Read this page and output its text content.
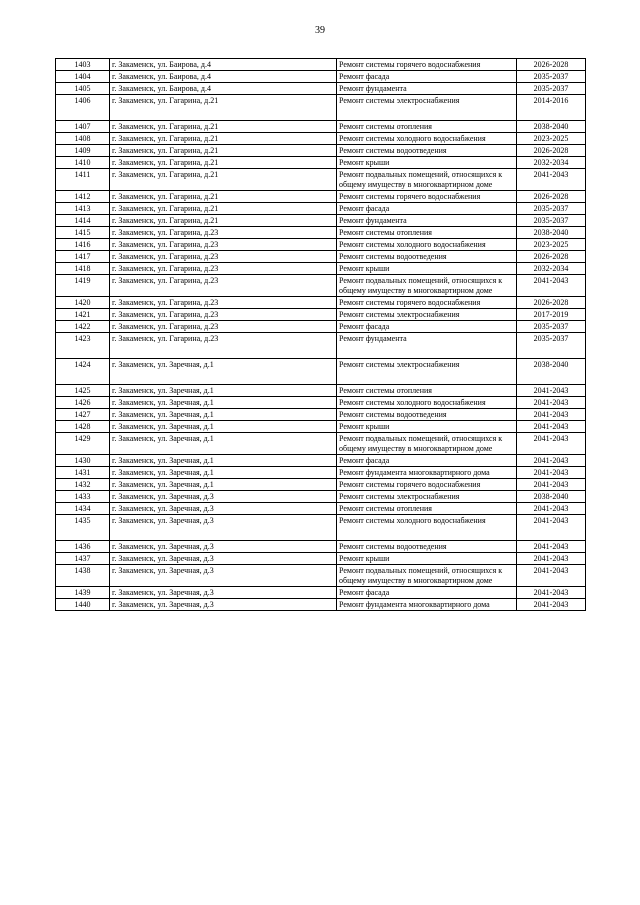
39
1403	г. Закаменск, ул. Баирова, д.4	Ремонт системы горячего водоснабжения	2026-2028
1404	г. Закаменск, ул. Баирова, д.4	Ремонт фасада	2035-2037
1405	г. Закаменск, ул. Баирова, д.4	Ремонт фундамента	2035-2037
1406	г. Закаменск, ул. Гагарина, д.21	Ремонт системы электроснабжения	2014-2016
1407	г. Закаменск, ул. Гагарина, д.21	Ремонт системы отопления	2038-2040
1408	г. Закаменск, ул. Гагарина, д.21	Ремонт системы холодного водоснабжения	2023-2025
1409	г. Закаменск, ул. Гагарина, д.21	Ремонт системы водоотведения	2026-2028
1410	г. Закаменск, ул. Гагарина, д.21	Ремонт крыши	2032-2034
1411	г. Закаменск, ул. Гагарина, д.21	Ремонт подвальных помещений, относящихся к общему имуществу в многоквартирном доме	2041-2043
1412	г. Закаменск, ул. Гагарина, д.21	Ремонт системы горячего водоснабжения	2026-2028
1413	г. Закаменск, ул. Гагарина, д.21	Ремонт фасада	2035-2037
1414	г. Закаменск, ул. Гагарина, д.21	Ремонт фундамента	2035-2037
1415	г. Закаменск, ул. Гагарина, д.23	Ремонт системы отопления	2038-2040
1416	г. Закаменск, ул. Гагарина, д.23	Ремонт системы холодного водоснабжения	2023-2025
1417	г. Закаменск, ул. Гагарина, д.23	Ремонт системы водоотведения	2026-2028
1418	г. Закаменск, ул. Гагарина, д.23	Ремонт крыши	2032-2034
1419	г. Закаменск, ул. Гагарина, д.23	Ремонт подвальных помещений, относящихся к общему имуществу в многоквартирном доме	2041-2043
1420	г. Закаменск, ул. Гагарина, д.23	Ремонт системы горячего водоснабжения	2026-2028
1421	г. Закаменск, ул. Гагарина, д.23	Ремонт системы электроснабжения	2017-2019
1422	г. Закаменск, ул. Гагарина, д.23	Ремонт фасада	2035-2037
1423	г. Закаменск, ул. Гагарина, д.23	Ремонт фундамента	2035-2037
1424	г. Закаменск, ул. Заречная, д.1	Ремонт системы электроснабжения	2038-2040
1425	г. Закаменск, ул. Заречная, д.1	Ремонт системы отопления	2041-2043
1426	г. Закаменск, ул. Заречная, д.1	Ремонт системы холодного водоснабжения	2041-2043
1427	г. Закаменск, ул. Заречная, д.1	Ремонт системы водоотведения	2041-2043
1428	г. Закаменск, ул. Заречная, д.1	Ремонт крыши	2041-2043
1429	г. Закаменск, ул. Заречная, д.1	Ремонт подвальных помещений, относящихся к общему имуществу в многоквартирном доме	2041-2043
1430	г. Закаменск, ул. Заречная, д.1	Ремонт фасада	2041-2043
1431	г. Закаменск, ул. Заречная, д.1	Ремонт фундамента многоквартирного дома	2041-2043
1432	г. Закаменск, ул. Заречная, д.1	Ремонт системы горячего водоснабжения	2041-2043
1433	г. Закаменск, ул. Заречная, д.3	Ремонт системы электроснабжения	2038-2040
1434	г. Закаменск, ул. Заречная, д.3	Ремонт системы отопления	2041-2043
1435	г. Закаменск, ул. Заречная, д.3	Ремонт системы холодного водоснабжения	2041-2043
1436	г. Закаменск, ул. Заречная, д.3	Ремонт системы водоотведения	2041-2043
1437	г. Закаменск, ул. Заречная, д.3	Ремонт крыши	2041-2043
1438	г. Закаменск, ул. Заречная, д.3	Ремонт подвальных помещений, относящихся к общему имуществу в многоквартирном доме	2041-2043
1439	г. Закаменск, ул. Заречная, д.3	Ремонт фасада	2041-2043
1440	г. Закаменск, ул. Заречная, д.3	Ремонт фундамента многоквартирного дома	2041-2043
